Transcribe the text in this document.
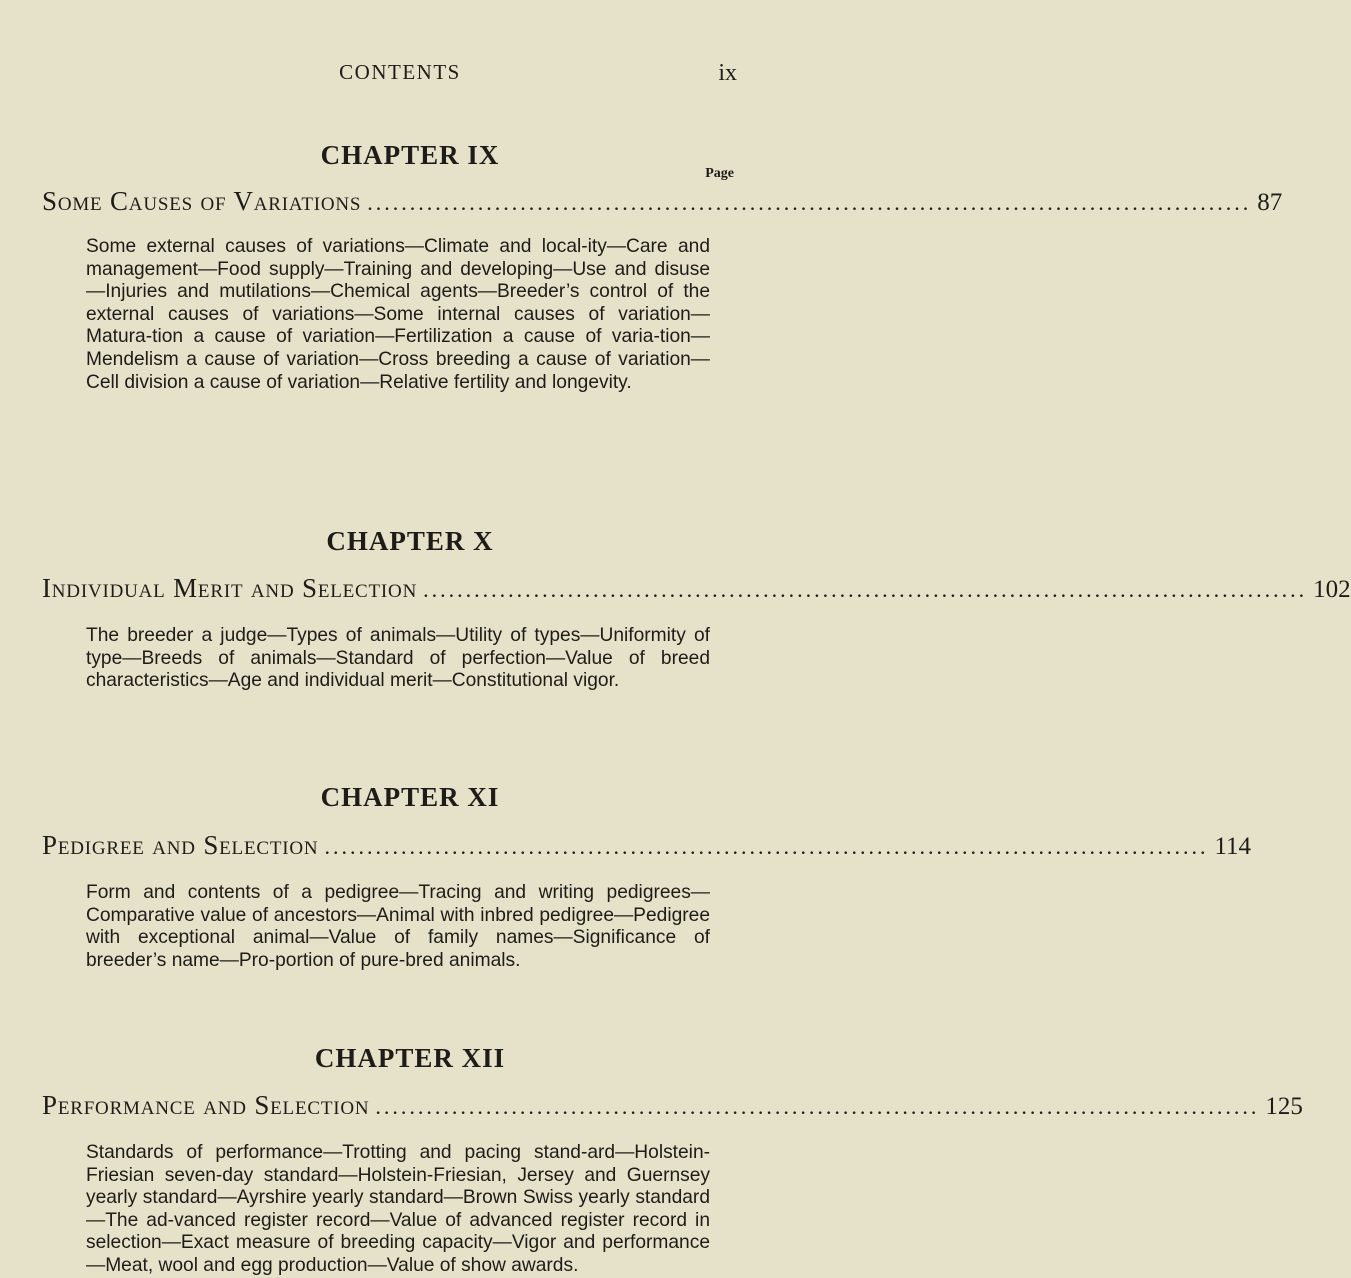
CONTENTS	ix
CHAPTER IX
Page
Some Causes of Variations ........................................................................................................ 87
Some external causes of variations—Climate and local-ity—Care and management—Food supply—Training and developing—Use and disuse—Injuries and mutilations—Chemical agents—Breeder’s control of the external causes of variations—Some internal causes of variation—Matura-tion a cause of variation—Fertilization a cause of varia-tion—Mendelism a cause of variation—Cross breeding a cause of variation—Cell division a cause of variation—Relative fertility and longevity.
CHAPTER X
Individual Merit and Selection ........................................................................................................ 102
The breeder a judge—Types of animals—Utility of types—Uniformity of type—Breeds of animals—Standard of perfection—Value of breed characteristics—Age and individual merit—Constitutional vigor.
CHAPTER XI
Pedigree and Selection ........................................................................................................ 114
Form and contents of a pedigree—Tracing and writing pedigrees—Comparative value of ancestors—Animal with inbred pedigree—Pedigree with exceptional animal—Value of family names—Significance of breeder’s name—Pro-portion of pure-bred animals.
CHAPTER XII
Performance and Selection ........................................................................................................ 125
Standards of performance—Trotting and pacing stand-ard—Holstein-Friesian seven-day standard—Holstein-Friesian, Jersey and Guernsey yearly standard—Ayrshire yearly standard—Brown Swiss yearly standard—The ad-vanced register record—Value of advanced register record in selection—Exact measure of breeding capacity—Vigor and performance—Meat, wool and egg production—Value of show awards.
